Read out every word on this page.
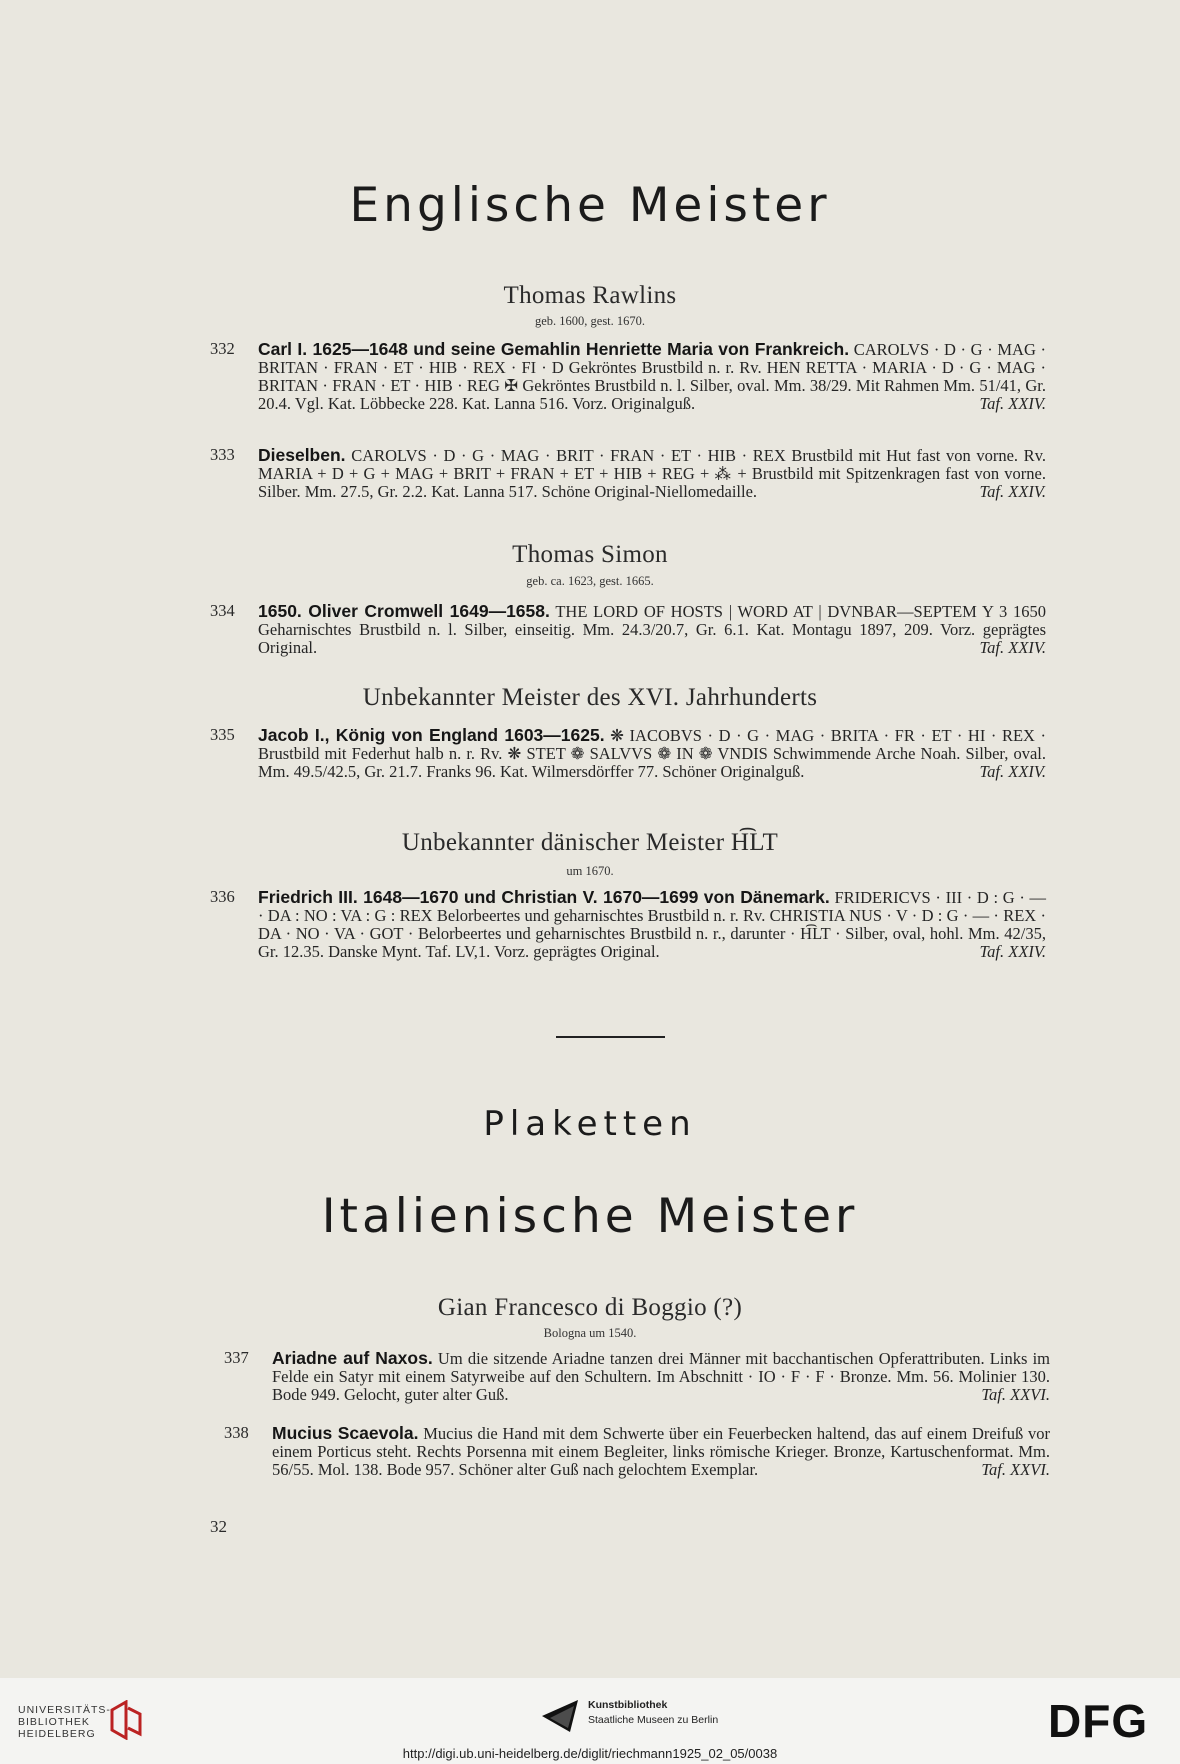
Englische Meister
Thomas Rawlins
geb. 1600, gest. 1670.
332 Carl I. 1625—1648 und seine Gemahlin Henriette Maria von Frankreich. CAROLVS · D · G · MAG · BRITAN · FRAN · ET · HIB · REX · FI · D Gekröntes Brustbild n. r. Rv. HEN RETTA · MARIA · D · G · MAG · BRITAN · FRAN · ET · HIB · REG ✠ Gekröntes Brustbild n. l. Silber, oval. Mm. 38/29. Mit Rahmen Mm. 51/41, Gr. 20.4. Vgl. Kat. Löbbecke 228. Kat. Lanna 516. Vorz. Originalguß.	Taf. XXIV.
333 Dieselben. CAROLVS · D · G · MAG · BRIT · FRAN · ET · HIB · REX Brustbild mit Hut fast von vorne. Rv. MARIA + D + G + MAG + BRIT + FRAN + ET + HIB + REG + ⁂ + Brustbild mit Spitzenkragen fast von vorne. Silber. Mm. 27.5, Gr. 2.2. Kat. Lanna 517. Schöne Original-Niellomedaille.	Taf. XXIV.
Thomas Simon
geb. ca. 1623, gest. 1665.
334 1650. Oliver Cromwell 1649—1658. THE LORD OF HOSTS | WORD AT | DVNBAR—SEPTEM Y 3 1650 Geharnischtes Brustbild n. l. Silber, einseitig. Mm. 24.3/20.7, Gr. 6.1. Kat. Montagu 1897, 209. Vorz. geprägtes Original.	Taf. XXIV.
Unbekannter Meister des XVI. Jahrhunderts
335 Jacob I., König von England 1603—1625. ❋ IACOBVS · D · G · MAG · BRITA · FR · ET · HI · REX · Brustbild mit Federhut halb n. r. Rv. ❋ STET ❁ SALVVS ❁ IN ❁ VNDIS Schwimmende Arche Noah. Silber, oval. Mm. 49.5/42.5, Gr. 21.7. Franks 96. Kat. Wilmersdörffer 77. Schöner Originalguß.	Taf. XXIV.
Unbekannter dänischer Meister H͡LT
um 1670.
336 Friedrich III. 1648—1670 und Christian V. 1670—1699 von Dänemark. FRIDERICVS · III · D : G · — · DA : NO : VA : G : REX Belorbeertes und geharnischtes Brustbild n. r. Rv. CHRISTIA NUS · V · D : G · — · REX · DA · NO · VA · GOT · Belorbeertes und geharnischtes Brustbild n. r., darunter · H͡LT · Silber, oval, hohl. Mm. 42/35, Gr. 12.35. Danske Mynt. Taf. LV,1. Vorz. geprägtes Original.	Taf. XXIV.
Plaketten
Italienische Meister
Gian Francesco di Boggio (?)
Bologna um 1540.
337 Ariadne auf Naxos. Um die sitzende Ariadne tanzen drei Männer mit bacchantischen Opferattributen. Links im Felde ein Satyr mit einem Satyrweibe auf den Schultern. Im Abschnitt · IO · F · F · Bronze. Mm. 56. Molinier 130. Bode 949. Gelocht, guter alter Guß.	Taf. XXVI.
338 Mucius Scaevola. Mucius die Hand mit dem Schwerte über ein Feuerbecken haltend, das auf einem Dreifuß vor einem Porticus steht. Rechts Porsenna mit einem Begleiter, links römische Krieger. Bronze, Kartuschenformat. Mm. 56/55. Mol. 138. Bode 957. Schöner alter Guß nach gelochtem Exemplar.	Taf. XXVI.
32
UNIVERSITÄTS-
BIBLIOTHEK
HEIDELBERG
Kunstbibliothek
Staatliche Museen zu Berlin	DFG
http://digi.ub.uni-heidelberg.de/diglit/riechmann1925_02_05/0038
